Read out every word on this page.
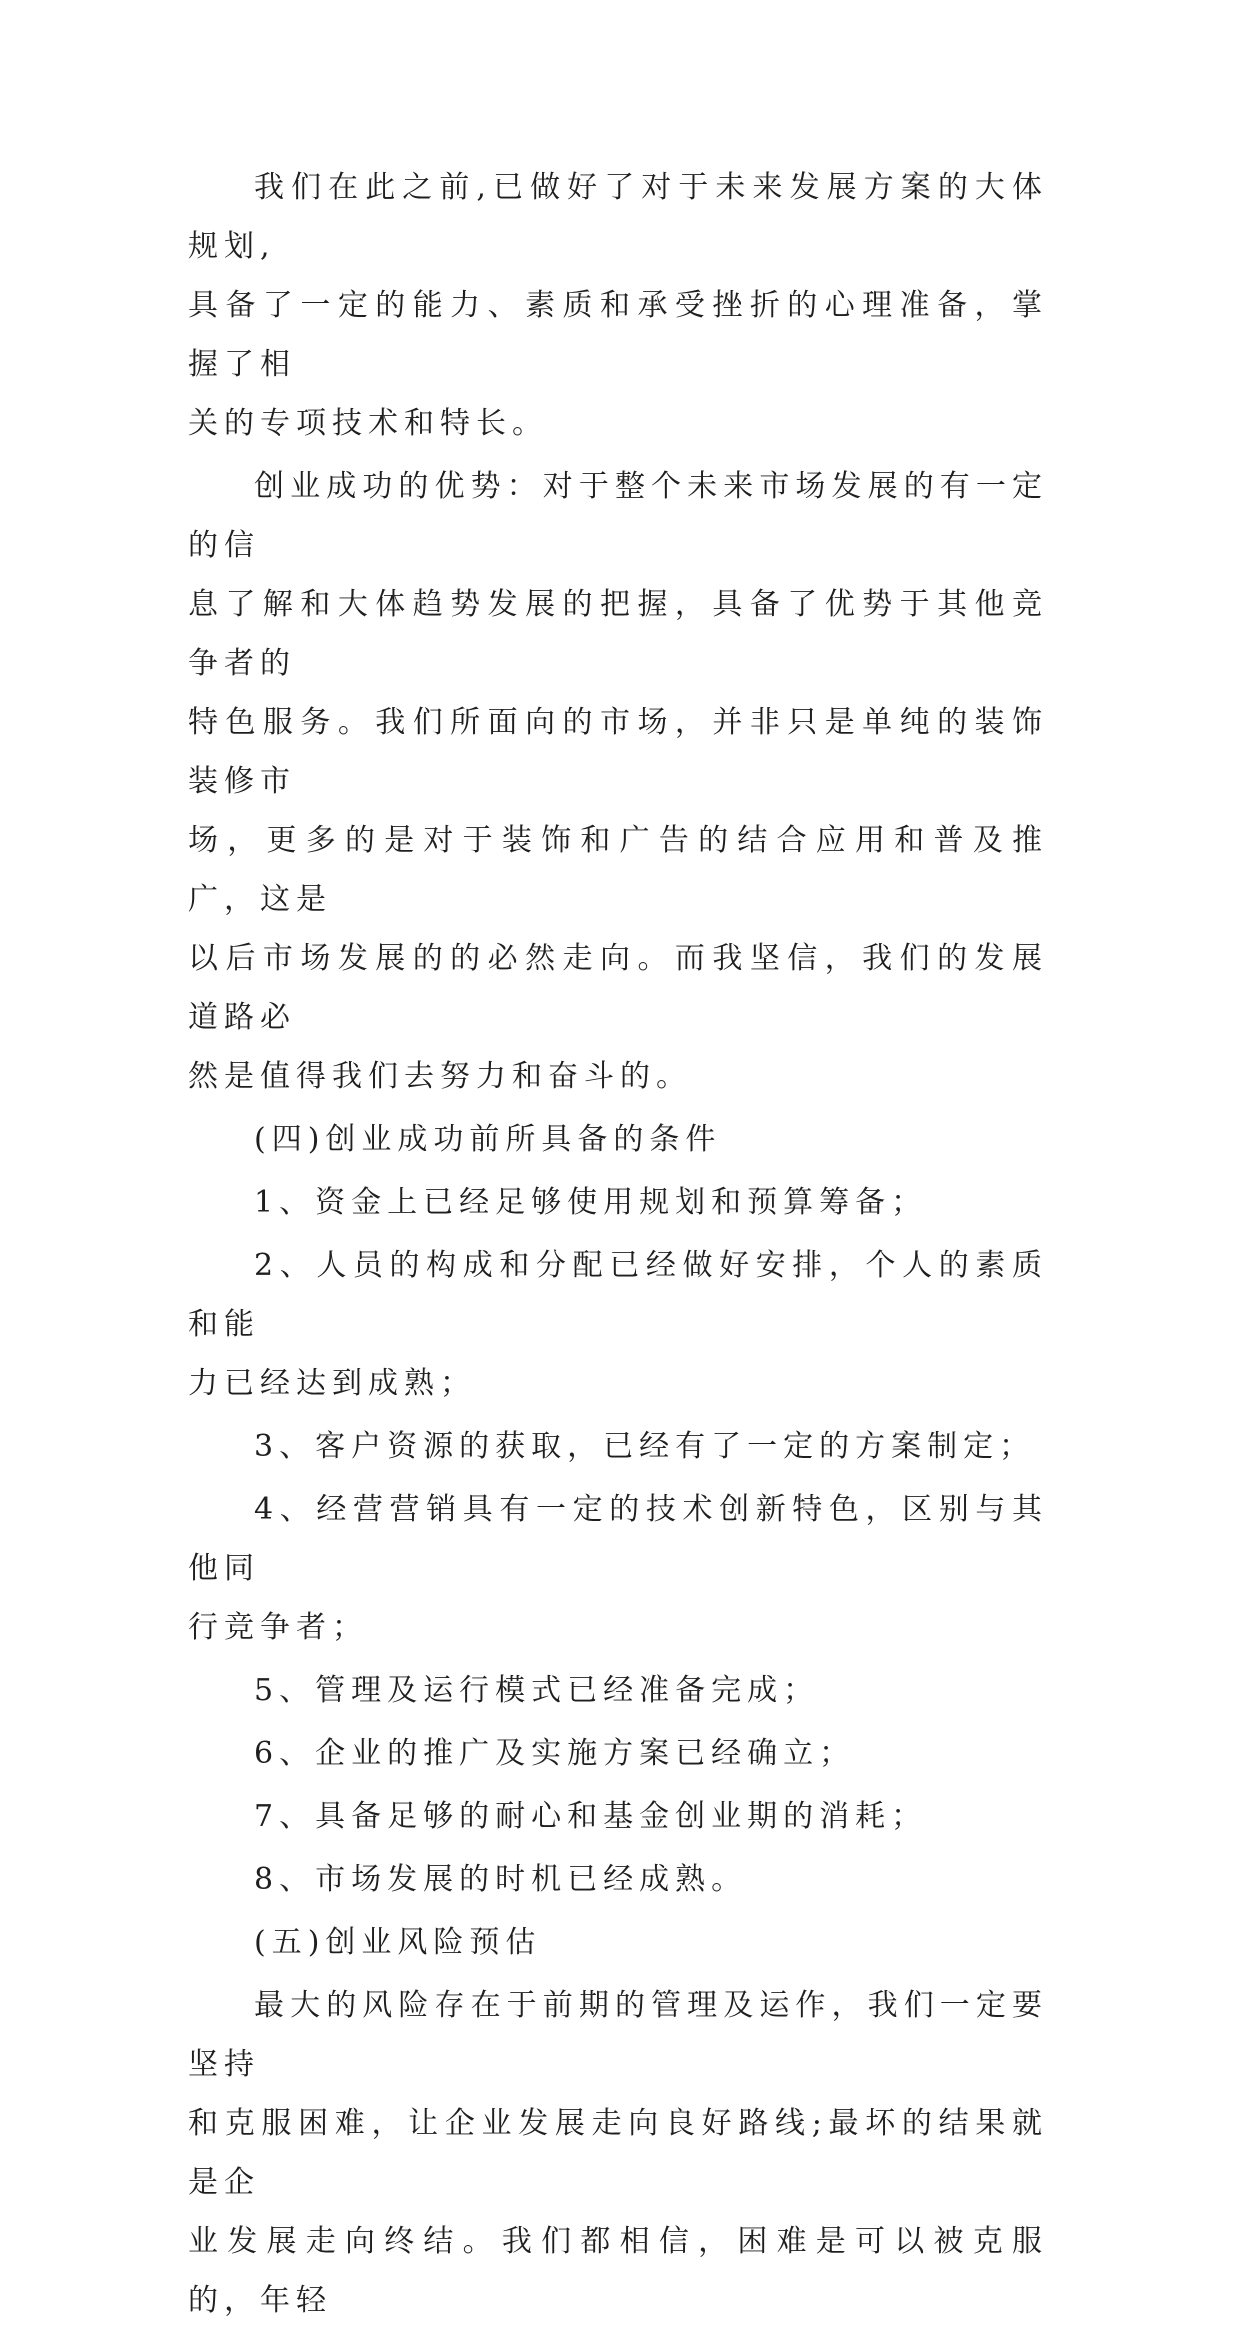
我们在此之前,已做好了对于未来发展方案的大体规划,
具备了一定的能力、素质和承受挫折的心理准备，掌握了相
关的专项技术和特长。

创业成功的优势：对于整个未来市场发展的有一定的信
息了解和大体趋势发展的把握，具备了优势于其他竞争者的
特色服务。我们所面向的市场，并非只是单纯的装饰装修市
场，更多的是对于装饰和广告的结合应用和普及推广，这是
以后市场发展的的必然走向。而我坚信，我们的发展道路必
然是值得我们去努力和奋斗的。

(四)创业成功前所具备的条件

1、资金上已经足够使用规划和预算筹备；

2、人员的构成和分配已经做好安排，个人的素质和能
力已经达到成熟；

3、客户资源的获取，已经有了一定的方案制定；

4、经营营销具有一定的技术创新特色，区别与其他同
行竞争者；

5、管理及运行模式已经准备完成；

6、企业的推广及实施方案已经确立；

7、具备足够的耐心和基金创业期的消耗；

8、市场发展的时机已经成熟。

(五)创业风险预估

最大的风险存在于前期的管理及运作，我们一定要坚持
和克服困难，让企业发展走向良好路线;最坏的结果就是企
业发展走向终结。我们都相信，困难是可以被克服的，年轻
